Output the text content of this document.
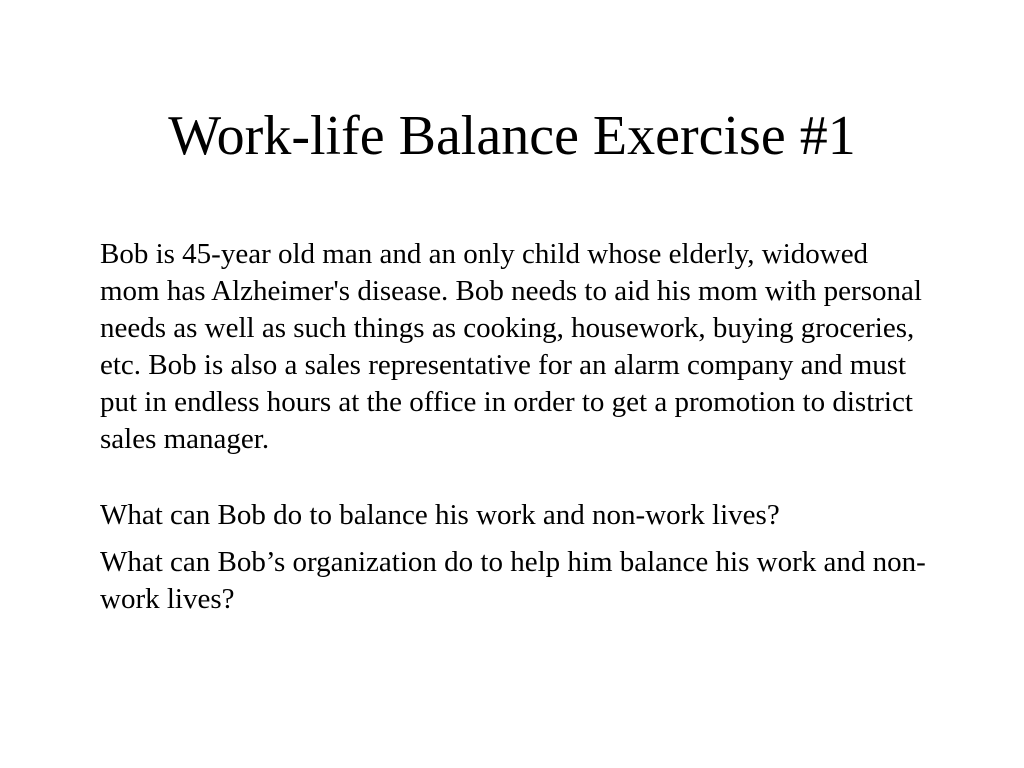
Work-life Balance Exercise #1

Bob is 45-year old man and an only child whose elderly, widowed mom has Alzheimer's disease. Bob needs to aid his mom with personal needs as well as such things as cooking, housework, buying groceries, etc. Bob is also a sales representative for an alarm company and must put in endless hours at the office in order to get a promotion to district sales manager.

What can Bob do to balance his work and non-work lives?

What can Bob’s organization do to help him balance his work and non-work lives?
